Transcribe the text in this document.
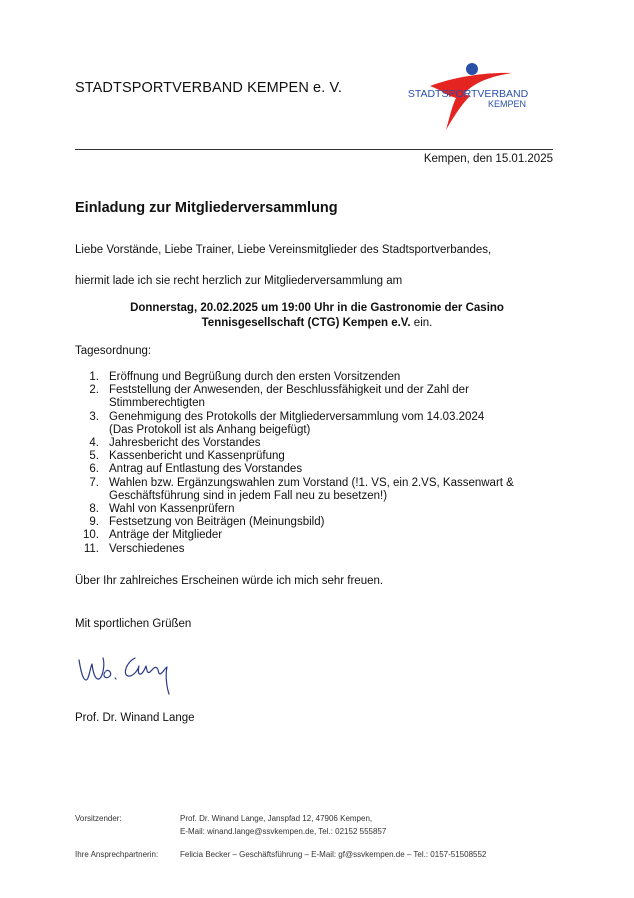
STADTSPORTVERBAND KEMPEN e. V.	STADTSPORTVERBAND
KEMPEN
Kempen, den 15.01.2025
Einladung zur Mitgliederversammlung
Liebe Vorstände, Liebe Trainer, Liebe Vereinsmitglieder des Stadtsportverbandes,
hiermit lade ich sie recht herzlich zur Mitgliederversammlung am
Donnerstag, 20.02.2025 um 19:00 Uhr in die Gastronomie der Casino
Tennisgesellschaft (CTG) Kempen e.V. ein.
Tagesordnung:
1. Eröffnung und Begrüßung durch den ersten Vorsitzenden
2. Feststellung der Anwesenden, der Beschlussfähigkeit und der Zahl der
Stimmberechtigten
3. Genehmigung des Protokolls der Mitgliederversammlung vom 14.03.2024
(Das Protokoll ist als Anhang beigefügt)
4. Jahresbericht des Vorstandes
5. Kassenbericht und Kassenprüfung
6. Antrag auf Entlastung des Vorstandes
7. Wahlen bzw. Ergänzungswahlen zum Vorstand (!1. VS, ein 2.VS, Kassenwart &
Geschäftsführung sind in jedem Fall neu zu besetzen!)
8. Wahl von Kassenprüfern
9. Festsetzung von Beiträgen (Meinungsbild)
10. Anträge der Mitglieder
11. Verschiedenes
Über Ihr zahlreiches Erscheinen würde ich mich sehr freuen.
Mit sportlichen Grüßen
Prof. Dr. Winand Lange
Vorsitzender:	Prof. Dr. Winand Lange, Janspfad 12, 47906 Kempen,
E-Mail: winand.lange@ssvkempen.de, Tel.: 02152 555857
Ihre Ansprechpartnerin:	Felicia Becker – Geschäftsführung – E-Mail: gf@ssvkempen.de – Tel.: 0157-51508552
